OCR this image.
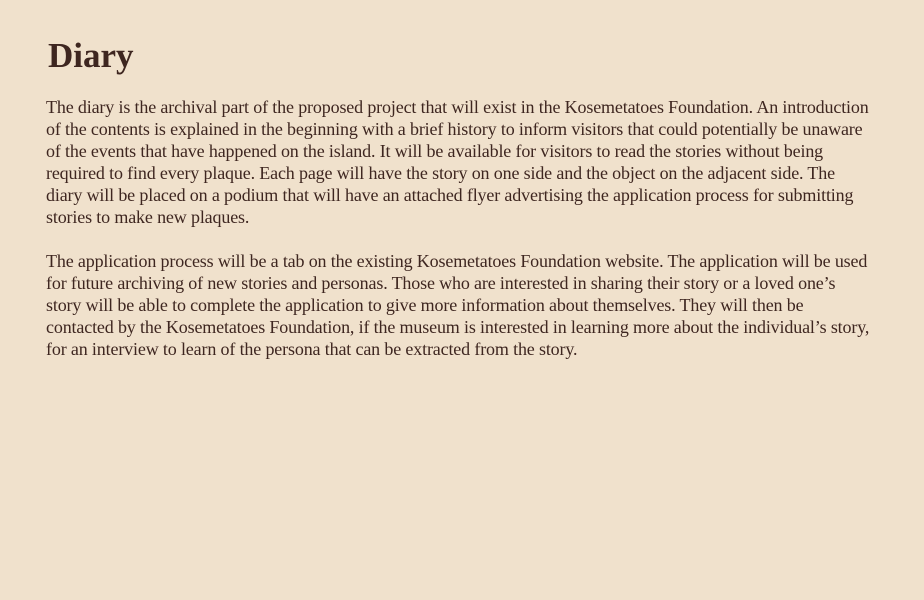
Diary

The diary is the archival part of the proposed project that will exist in the Kosemetatoes Foundation. An introduction of the contents is explained in the beginning with a brief history to inform visitors that could potentially be unaware of the events that have happened on the island. It will be available for visitors to read the stories without being required to find every plaque. Each page will have the story on one side and the object on the adjacent side. The diary will be placed on a podium that will have an attached flyer advertising the application process for submitting stories to make new plaques.

The application process will be a tab on the existing Kosemetatoes Foundation website. The application will be used for future archiving of new stories and personas. Those who are interested in sharing their story or a loved one’s story will be able to complete the application to give more information about themselves. They will then be contacted by the Kosemetatoes Foundation, if the museum is interested in learning more about the individual’s story, for an interview to learn of the persona that can be extracted from the story.
